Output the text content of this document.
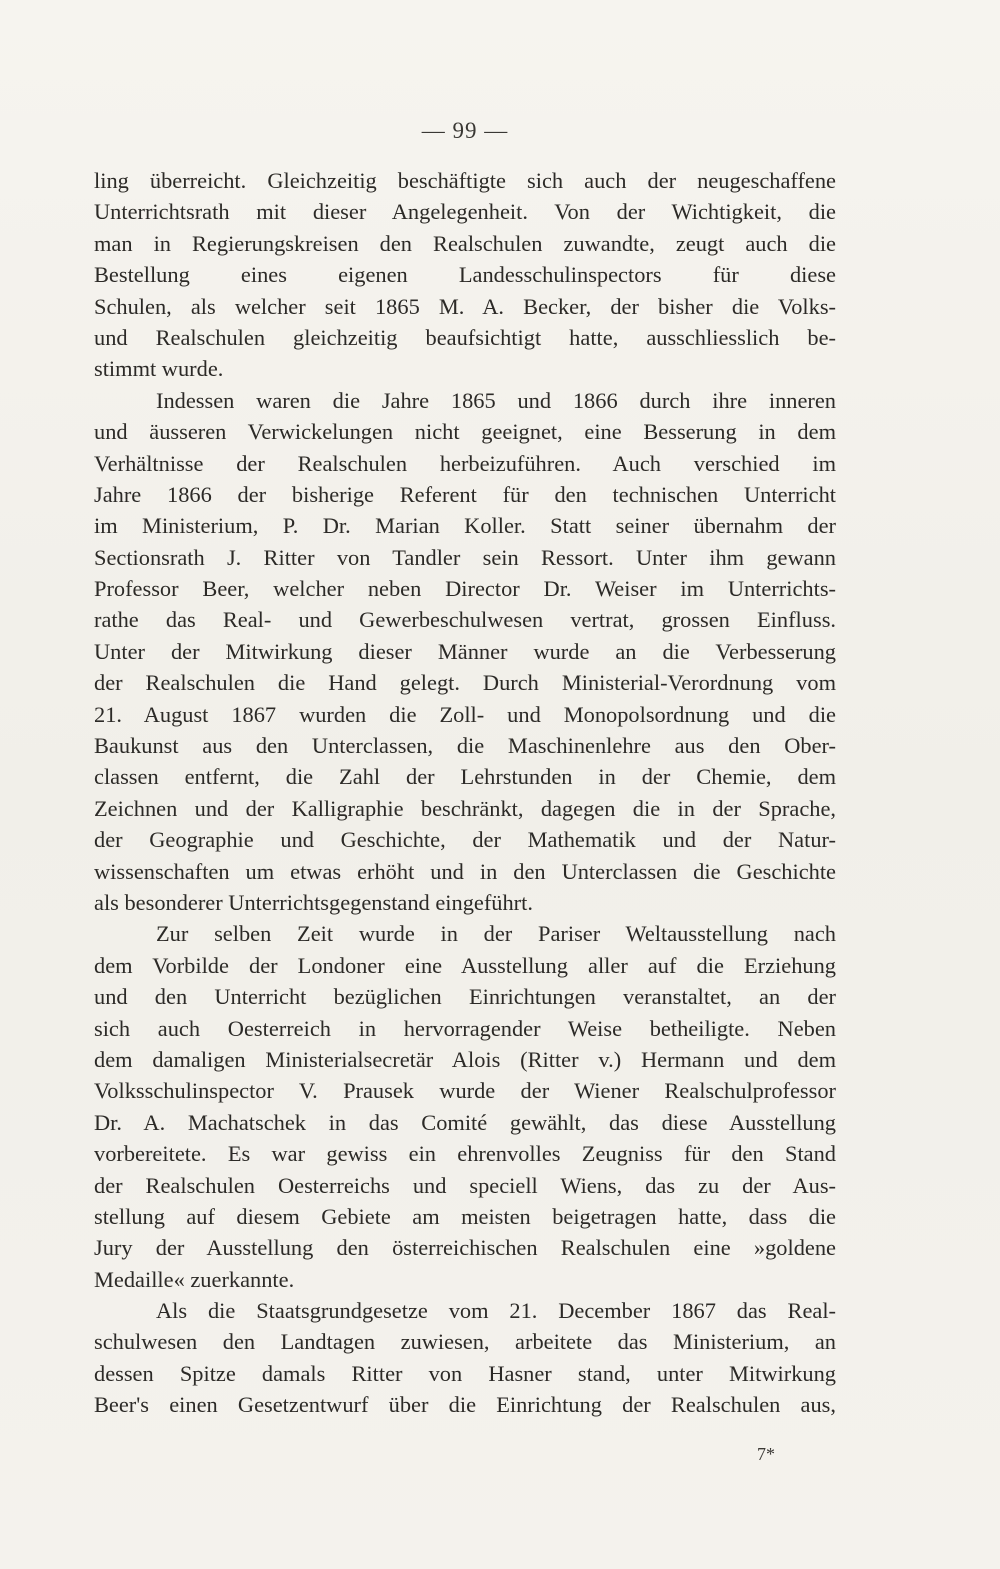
— 99 —

ling überreicht. Gleichzeitig beschäftigte sich auch der neugeschaffene
Unterrichtsrath mit dieser Angelegenheit. Von der Wichtigkeit, die
man in Regierungskreisen den Realschulen zuwandte, zeugt auch die
Bestellung eines eigenen Landesschulinspectors für diese
Schulen, als welcher seit 1865 M. A. Becker, der bisher die Volks-
und Realschulen gleichzeitig beaufsichtigt hatte, ausschliesslich be-
stimmt wurde.

Indessen waren die Jahre 1865 und 1866 durch ihre inneren
und äusseren Verwickelungen nicht geeignet, eine Besserung in dem
Verhältnisse der Realschulen herbeizuführen. Auch verschied im
Jahre 1866 der bisherige Referent für den technischen Unterricht
im Ministerium, P. Dr. Marian Koller. Statt seiner übernahm der
Sectionsrath J. Ritter von Tandler sein Ressort. Unter ihm gewann
Professor Beer, welcher neben Director Dr. Weiser im Unterrichts-
rathe das Real- und Gewerbeschulwesen vertrat, grossen Einfluss.
Unter der Mitwirkung dieser Männer wurde an die Verbesserung
der Realschulen die Hand gelegt. Durch Ministerial-Verordnung vom
21. August 1867 wurden die Zoll- und Monopolsordnung und die
Baukunst aus den Unterclassen, die Maschinenlehre aus den Ober-
classen entfernt, die Zahl der Lehrstunden in der Chemie, dem
Zeichnen und der Kalligraphie beschränkt, dagegen die in der Sprache,
der Geographie und Geschichte, der Mathematik und der Natur-
wissenschaften um etwas erhöht und in den Unterclassen die Geschichte
als besonderer Unterrichtsgegenstand eingeführt.

Zur selben Zeit wurde in der Pariser Weltausstellung nach
dem Vorbilde der Londoner eine Ausstellung aller auf die Erziehung
und den Unterricht bezüglichen Einrichtungen veranstaltet, an der
sich auch Oesterreich in hervorragender Weise betheiligte. Neben
dem damaligen Ministerialsecretär Alois (Ritter v.) Hermann und dem
Volksschulinspector V. Prausek wurde der Wiener Realschulprofessor
Dr. A. Machatschek in das Comité gewählt, das diese Ausstellung
vorbereitete. Es war gewiss ein ehrenvolles Zeugniss für den Stand
der Realschulen Oesterreichs und speciell Wiens, das zu der Aus-
stellung auf diesem Gebiete am meisten beigetragen hatte, dass die
Jury der Ausstellung den österreichischen Realschulen eine »goldene
Medaille« zuerkannte.

Als die Staatsgrundgesetze vom 21. December 1867 das Real-
schulwesen den Landtagen zuwiesen, arbeitete das Ministerium, an
dessen Spitze damals Ritter von Hasner stand, unter Mitwirkung
Beer's einen Gesetzentwurf über die Einrichtung der Realschulen aus,

7*
